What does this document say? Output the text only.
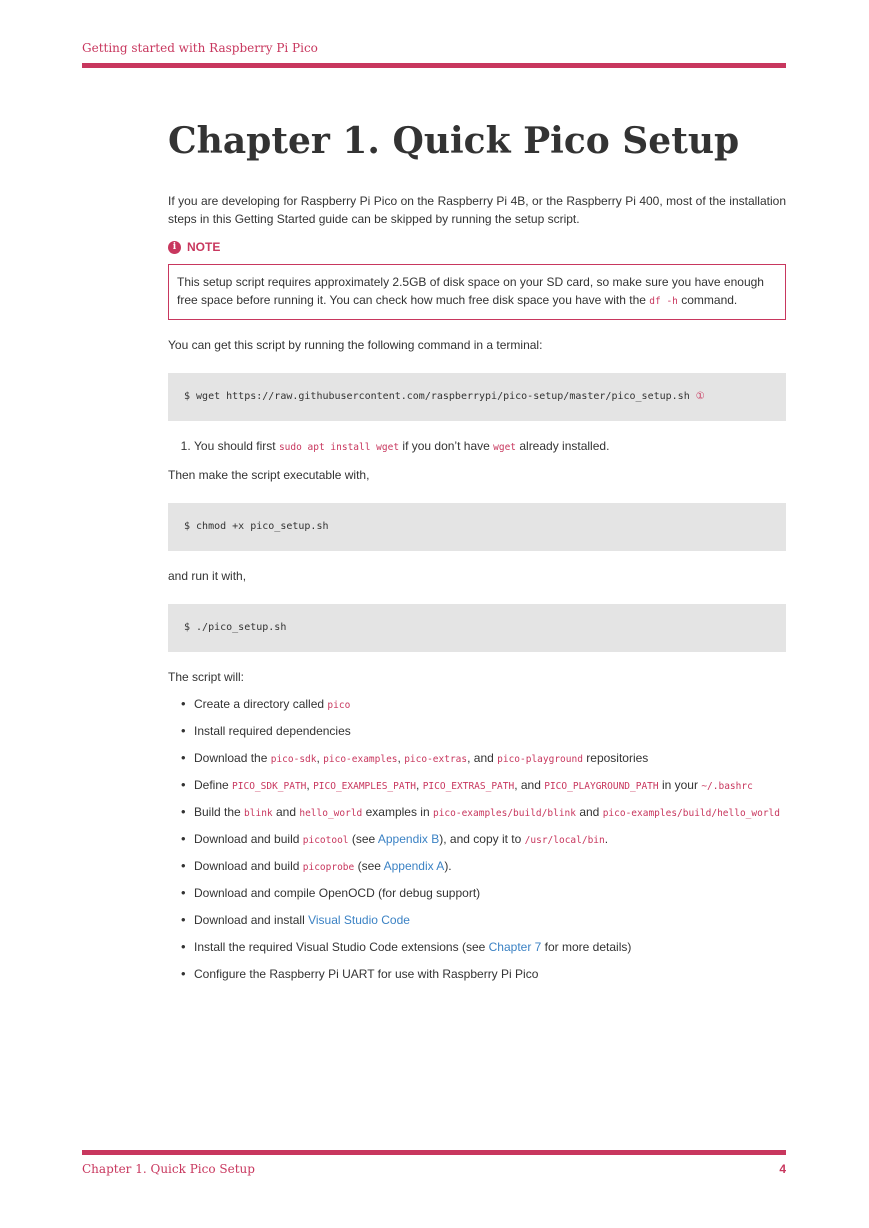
Getting started with Raspberry Pi Pico
Chapter 1. Quick Pico Setup

If you are developing for Raspberry Pi Pico on the Raspberry Pi 4B, or the Raspberry Pi 400, most of the installation steps in this Getting Started guide can be skipped by running the setup script.

i NOTE
This setup script requires approximately 2.5GB of disk space on your SD card, so make sure you have enough free space before running it. You can check how much free disk space you have with the df -h command.

You can get this script by running the following command in a terminal:

$ wget https://raw.githubusercontent.com/raspberrypi/pico-setup/master/pico_setup.sh ①
1. You should first sudo apt install wget if you don’t have wget already installed.

Then make the script executable with,

$ chmod +x pico_setup.sh

and run it with,

$ ./pico_setup.sh

The script will:

• Create a directory called pico
• Install required dependencies
• Download the pico-sdk, pico-examples, pico-extras, and pico-playground repositories
• Define PICO_SDK_PATH, PICO_EXAMPLES_PATH, PICO_EXTRAS_PATH, and PICO_PLAYGROUND_PATH in your ~/.bashrc
• Build the blink and hello_world examples in pico-examples/build/blink and pico-examples/build/hello_world
• Download and build picotool (see Appendix B), and copy it to /usr/local/bin.
• Download and build picoprobe (see Appendix A).
• Download and compile OpenOCD (for debug support)
• Download and install Visual Studio Code
• Install the required Visual Studio Code extensions (see Chapter 7 for more details)
• Configure the Raspberry Pi UART for use with Raspberry Pi Pico
Chapter 1. Quick Pico Setup	4
